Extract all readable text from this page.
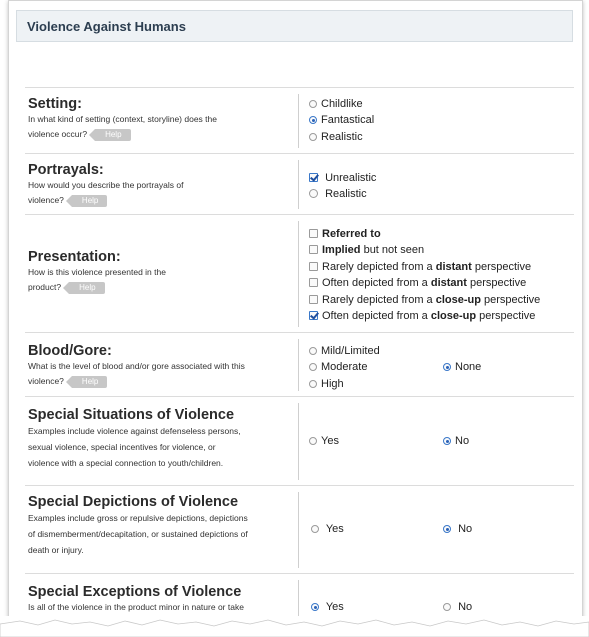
Violence Against Humans
Setting:
In what kind of setting (context, storyline) does the
violence occur? Help
Childlike
Fantastical
Realistic
Portrayals:
How would you describe the portrayals of
violence? Help
Unrealistic
Realistic
Presentation:
How is this violence presented in the
product? Help
Referred to
Implied but not seen
Rarely depicted from a distant perspective
Often depicted from a distant perspective
Rarely depicted from a close-up perspective
Often depicted from a close-up perspective
Blood/Gore:
What is the level of blood and/or gore associated with this
violence? Help
Mild/Limited
Moderate
High
None
Special Situations of Violence
Examples include violence against defenseless persons,
sexual violence, special incentives for violence, or
violence with a special connection to youth/children.
Yes	No
Special Depictions of Violence
Examples include gross or repulsive depictions, depictions
of dismemberment/decapitation, or sustained depictions of
death or injury.
Yes	No
Special Exceptions of Violence
Is all of the violence in the product minor in nature or take	Yes	No
